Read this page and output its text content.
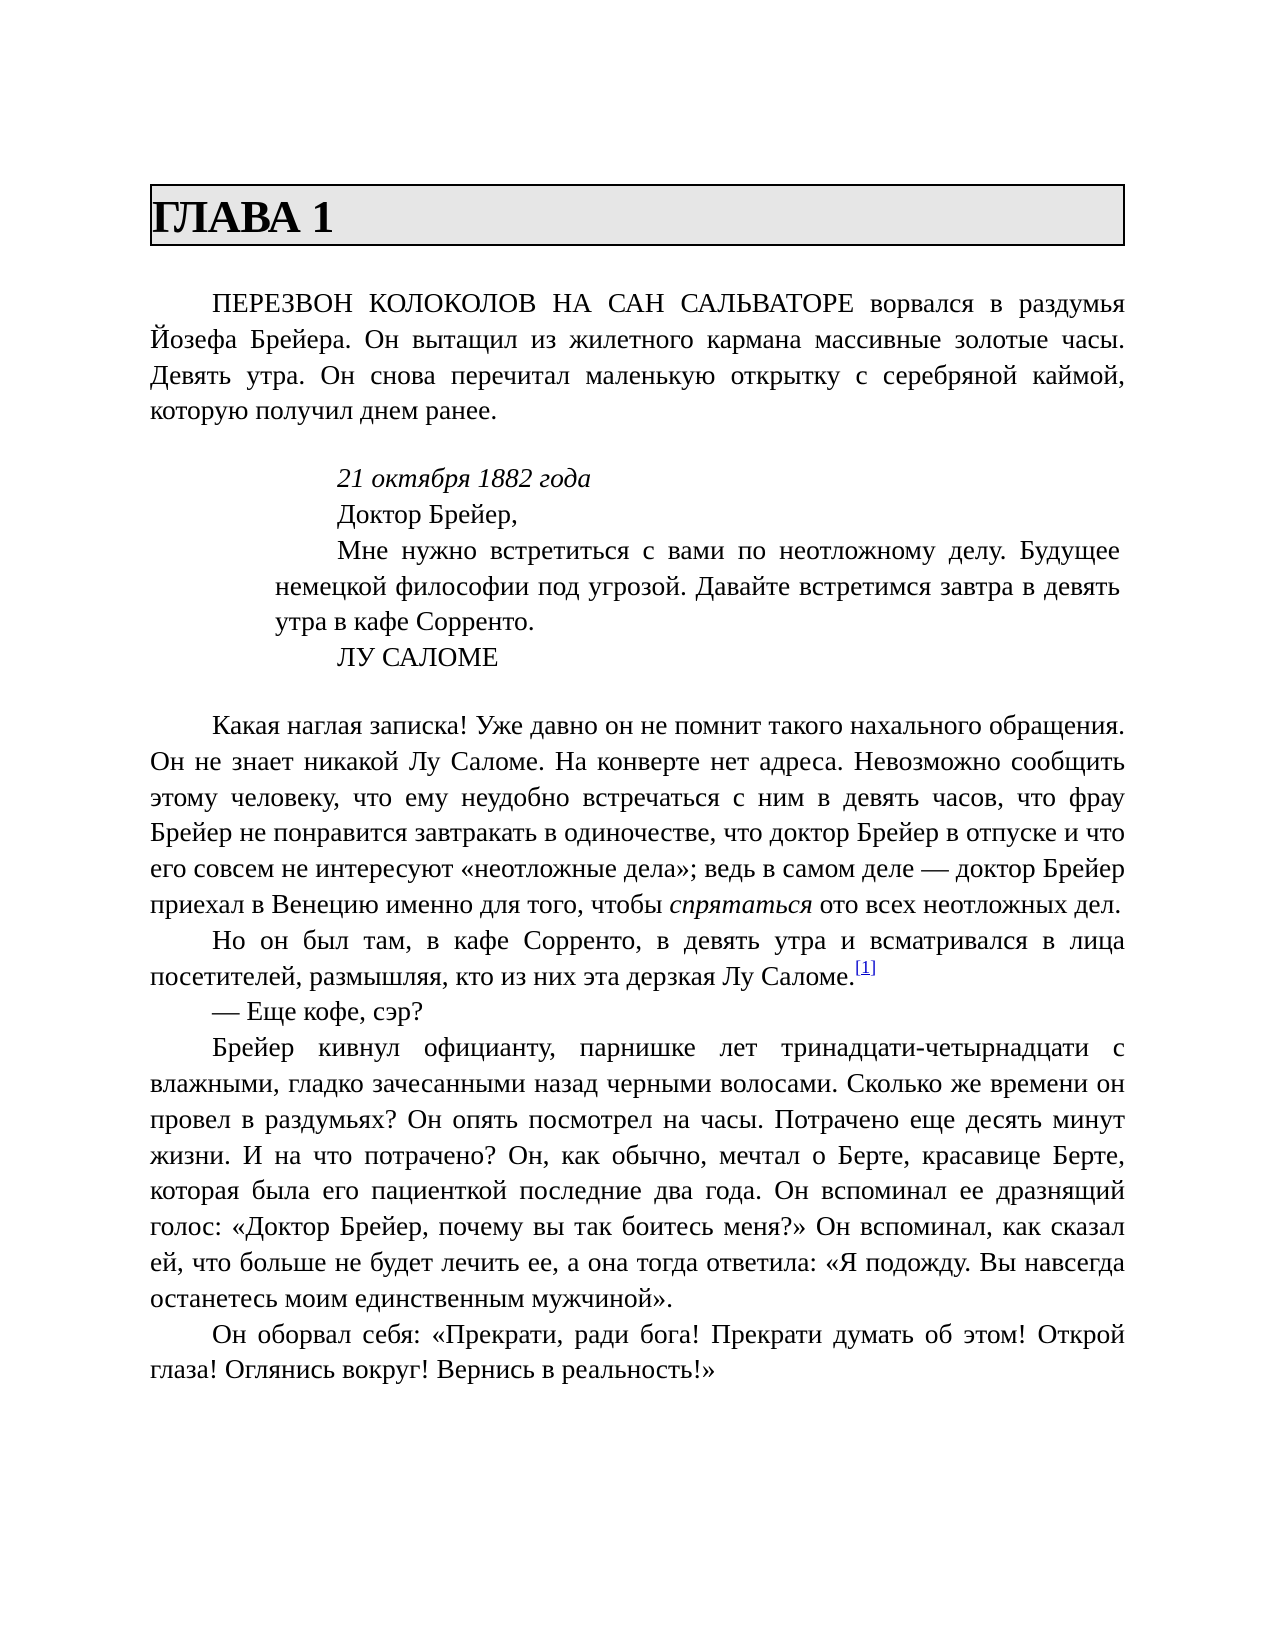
ГЛАВА 1

ПЕРЕЗВОН КОЛОКОЛОВ НА САН САЛЬВАТОРЕ ворвался в раздумья Йозефа Брейера. Он вытащил из жилетного кармана массивные золотые часы. Девять утра. Он снова перечитал маленькую открытку с серебряной каймой, которую получил днем ранее.

21 октября 1882 года

Доктор Брейер,

Мне нужно встретиться с вами по неотложному делу. Будущее немецкой философии под угрозой. Давайте встретимся завтра в девять утра в кафе Сорренто.

ЛУ САЛОМЕ

Какая наглая записка! Уже давно он не помнит такого нахального обращения. Он не знает никакой Лу Саломе. На конверте нет адреса. Невозможно сообщить этому человеку, что ему неудобно встречаться с ним в девять часов, что фрау Брейер не понравится завтракать в одиночестве, что доктор Брейер в отпуске и что его совсем не интересуют «неотложные дела»; ведь в самом деле — доктор Брейер приехал в Венецию именно для того, чтобы спрятаться ото всех неотложных дел.

Но он был там, в кафе Сорренто, в девять утра и всматривался в лица посетителей, размышляя, кто из них эта дерзкая Лу Саломе.[1]

— Еще кофе, сэр?

Брейер кивнул официанту, парнишке лет тринадцати-четырнадцати с влажными, гладко зачесанными назад черными волосами. Сколько же времени он провел в раздумьях? Он опять посмотрел на часы. Потрачено еще десять минут жизни. И на что потрачено? Он, как обычно, мечтал о Берте, красавице Берте, которая была его пациенткой последние два года. Он вспоминал ее дразнящий голос: «Доктор Брейер, почему вы так боитесь меня?» Он вспоминал, как сказал ей, что больше не будет лечить ее, а она тогда ответила: «Я подожду. Вы навсегда останетесь моим единственным мужчиной».

Он оборвал себя: «Прекрати, ради бога! Прекрати думать об этом! Открой глаза! Оглянись вокруг! Вернись в реальность!»
